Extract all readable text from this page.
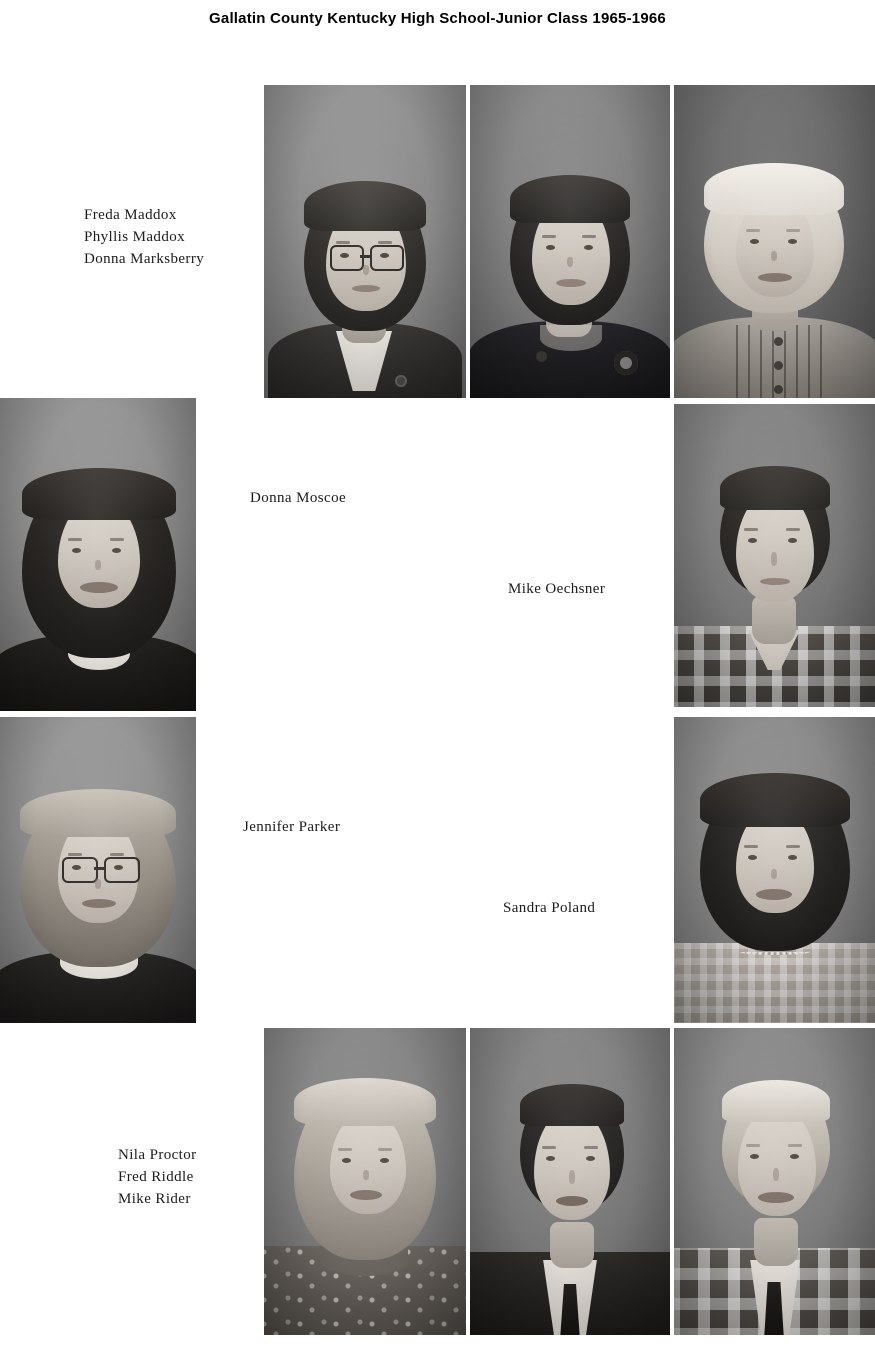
Gallatin County Kentucky High School-Junior Class 1965-1966
Freda Maddox
Phyllis Maddox
Donna Marksberry
Donna Moscoe
Mike Oechsner
Jennifer Parker
Sandra Poland
Nila Proctor
Fred Riddle
Mike Rider
